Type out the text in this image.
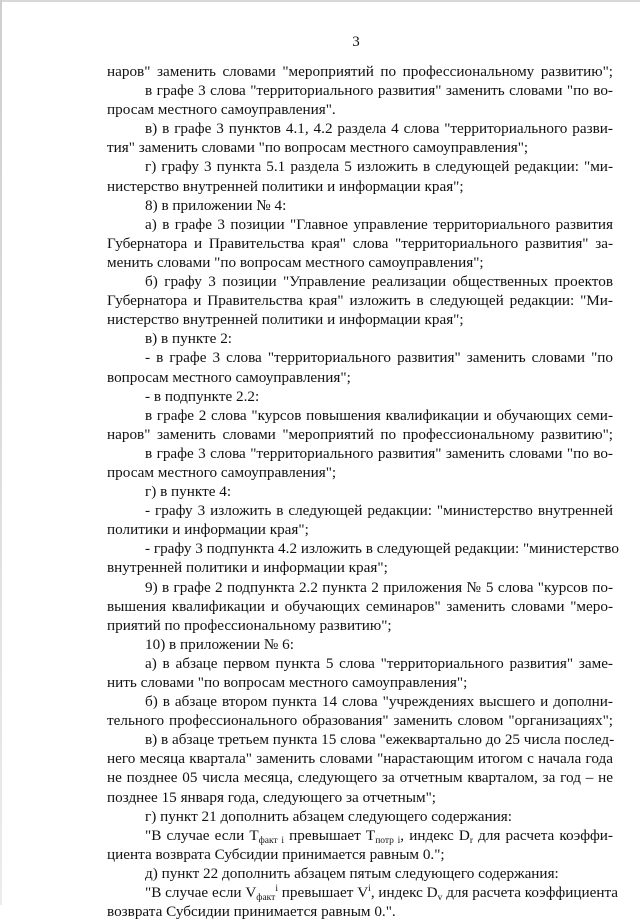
3
наров" заменить словами "мероприятий по профессиональному развитию";
в графе 3 слова "территориального развития" заменить словами "по во-
просам местного самоуправления".
в) в графе 3 пунктов 4.1, 4.2 раздела 4 слова "территориального разви-
тия" заменить словами "по вопросам местного самоуправления";
г) графу 3 пункта 5.1 раздела 5 изложить в следующей редакции: "ми-
нистерство внутренней политики и информации края";
8) в приложении № 4:
а) в графе 3 позиции "Главное управление территориального развития
Губернатора и Правительства края" слова "территориального развития" за-
менить словами "по вопросам местного самоуправления";
б) графу 3 позиции "Управление реализации общественных проектов
Губернатора и Правительства края" изложить в следующей редакции: "Ми-
нистерство внутренней политики и информации края";
в) в пункте 2:
- в графе 3 слова "территориального развития" заменить словами "по
вопросам местного самоуправления";
- в подпункте 2.2:
в графе 2 слова "курсов повышения квалификации и обучающих семи-
наров" заменить словами "мероприятий по профессиональному развитию";
в графе 3 слова "территориального развития" заменить словами "по во-
просам местного самоуправления";
г) в пункте 4:
- графу 3 изложить в следующей редакции: "министерство внутренней
политики и информации края";
- графу 3 подпункта 4.2 изложить в следующей редакции: "министерство
внутренней политики и информации края";
9) в графе 2 подпункта 2.2 пункта 2 приложения № 5 слова "курсов по-
вышения квалификации и обучающих семинаров" заменить словами "меро-
приятий по профессиональному развитию";
10) в приложении № 6:
а) в абзаце первом пункта 5 слова "территориального развития" заме-
нить словами "по вопросам местного самоуправления";
б) в абзаце втором пункта 14 слова "учреждениях высшего и дополни-
тельного профессионального образования" заменить словом "организациях";
в) в абзаце третьем пункта 15 слова "ежеквартально до 25 числа послед-
него месяца квартала" заменить словами "нарастающим итогом с начала года
не позднее 05 числа месяца, следующего за отчетным кварталом, за год – не
позднее 15 января года, следующего за отчетным";
г) пункт 21 дополнить абзацем следующего содержания:
"В случае если $T_{факт i}$ превышает $T_{потр i}$, индекс $D_r$ для расчета коэффи-
циента возврата Субсидии принимается равным 0.";
д) пункт 22 дополнить абзацем пятым следующего содержания:
"В случае если $V_{факт}^i$ превышает $V^i$, индекс $D_v$ для расчета коэффициента
возврата Субсидии принимается равным 0.".
